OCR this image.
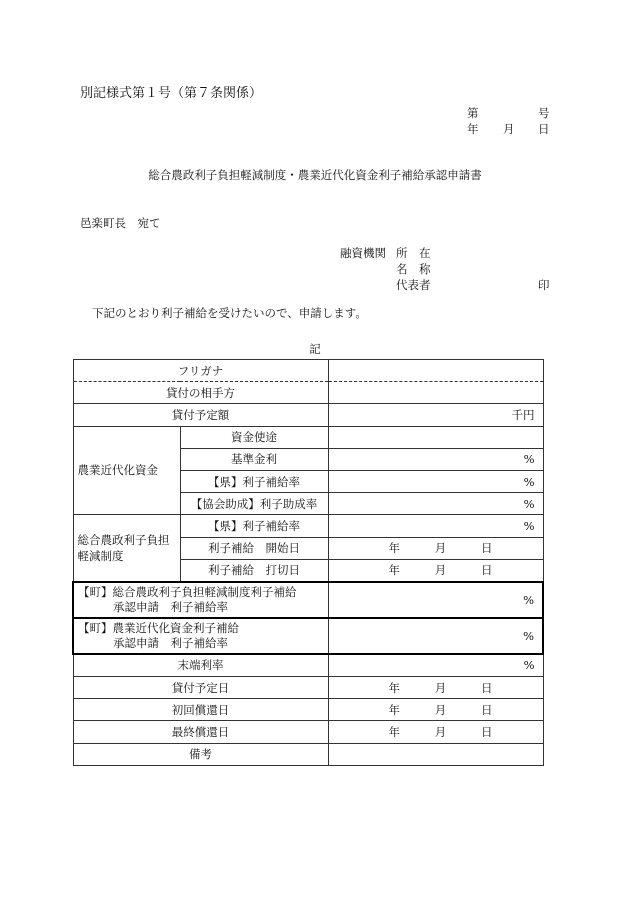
別記様式第１号（第７条関係）
第	号
年 月 日
総合農政利子負担軽減制度・農業近代化資金利子補給承認申請書
邑楽町長　宛て
融資機関 所　在
名　称
代表者	印
下記のとおり利子補給を受けたいので、申請します。
記
フリガナ		
貸付の相手方		
貸付予定額		千円
農業近代化資金	資金使途	
	基準金利	%
	【県】利子補給率	%
	【協会助成】利子助成率	%

総合農政利子負担
軽減制度	【県】利子補給率	%
	利子補給　開始日	年 月 日

	利子補給　打切日	年 月 日

【町】総合農政利子負担軽減制度利子補給
承認申請　利子補給率		%

【町】農業近代化資金利子補給
承認申請　利子補給率		%
末端利率		%
貸付予定日		年 月 日

初回償還日		年 月 日

最終償還日		年 月 日

備考		
